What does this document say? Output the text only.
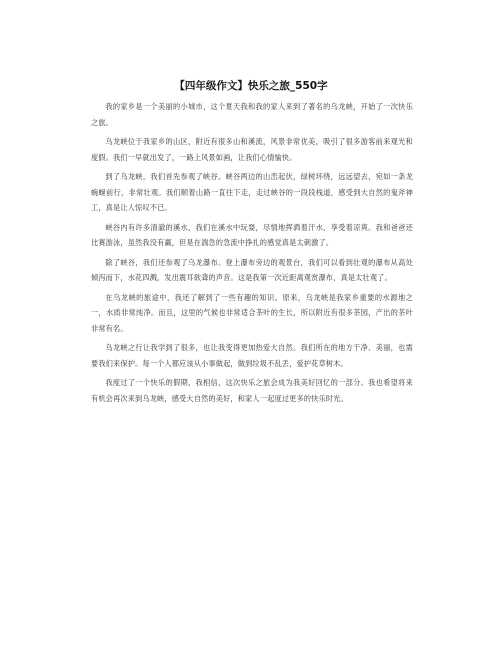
【四年级作文】快乐之旅_550字

我的家乡是一个美丽的小城市，这个夏天我和我的家人来到了著名的乌龙峡，开始了一次快乐之旅。

乌龙峡位于我家乡的山区，附近有很多山和溪流，风景非常优美，吸引了很多游客前来观光和度假。我们一早就出发了，一路上风景如画，让我们心情愉快。

到了乌龙峡，我们首先参观了峡谷。峡谷两边的山峦起伏，绿树环绕，远远望去，宛如一条龙蜿蜒前行，非常壮观。我们顺着山路一直往下走，走过峡谷的一段段栈道，感受到大自然的鬼斧神工，真是让人惊叹不已。

峡谷内有许多清澈的溪水，我们在溪水中玩耍，尽情地挥洒着汗水，享受着凉爽。我和爸爸还比赛游泳，虽然我没有赢，但是在湍急的急流中挣扎的感觉真是太刺激了。

除了峡谷，我们还参观了乌龙瀑布。登上瀑布旁边的观景台，我们可以看到壮观的瀑布从高处倾泻而下，水花四溅，发出震耳欲聋的声音。这是我第一次近距离观赏瀑布，真是太壮观了。

在乌龙峡的旅途中，我还了解到了一些有趣的知识。原来，乌龙峡是我家乡重要的水源地之一，水质非常纯净。而且，这里的气候也非常适合茶叶的生长，所以附近有很多茶园，产出的茶叶非常有名。

乌龙峡之行让我学到了很多，也让我变得更加热爱大自然。我们所在的地方干净、美丽，也需要我们来保护。每一个人都应该从小事做起，做到垃圾不乱丢，爱护花草树木。

我度过了一个快乐的假期，我相信，这次快乐之旅会成为我美好回忆的一部分。我也希望将来有机会再次来到乌龙峡，感受大自然的美好，和家人一起度过更多的快乐时光。
